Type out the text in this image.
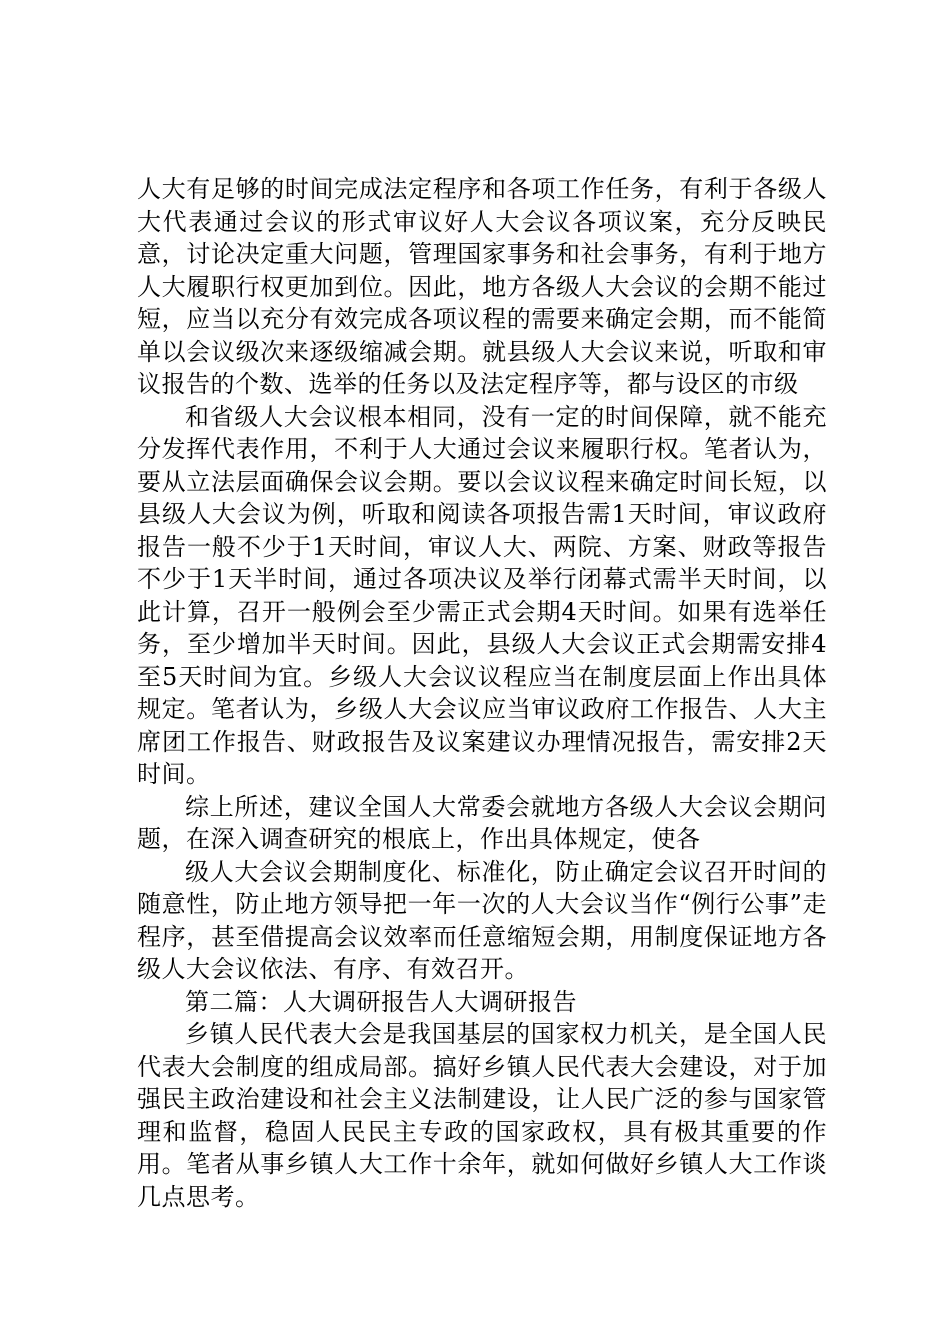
人大有足够的时间完成法定程序和各项工作任务，有利于各级人大代表通过会议的形式审议好人大会议各项议案，充分反映民意，讨论决定重大问题，管理国家事务和社会事务，有利于地方人大履职行权更加到位。因此，地方各级人大会议的会期不能过短，应当以充分有效完成各项议程的需要来确定会期，而不能简单以会议级次来逐级缩减会期。就县级人大会议来说，听取和审议报告的个数、选举的任务以及法定程序等，都与设区的市级

和省级人大会议根本相同，没有一定的时间保障，就不能充分发挥代表作用，不利于人大通过会议来履职行权。笔者认为，要从立法层面确保会议会期。要以会议议程来确定时间长短，以县级人大会议为例，听取和阅读各项报告需1天时间，审议政府报告一般不少于1天时间，审议人大、两院、方案、财政等报告不少于1天半时间，通过各项决议及举行闭幕式需半天时间，以此计算，召开一般例会至少需正式会期4天时间。如果有选举任务，至少增加半天时间。因此，县级人大会议正式会期需安排4至5天时间为宜。乡级人大会议议程应当在制度层面上作出具体规定。笔者认为，乡级人大会议应当审议政府工作报告、人大主席团工作报告、财政报告及议案建议办理情况报告，需安排2天时间。

综上所述，建议全国人大常委会就地方各级人大会议会期问题，在深入调查研究的根底上，作出具体规定，使各

级人大会议会期制度化、标准化，防止确定会议召开时间的随意性，防止地方领导把一年一次的人大会议当作“例行公事”走程序，甚至借提高会议效率而任意缩短会期，用制度保证地方各级人大会议依法、有序、有效召开。

第二篇：人大调研报告人大调研报告

乡镇人民代表大会是我国基层的国家权力机关，是全国人民代表大会制度的组成局部。搞好乡镇人民代表大会建设，对于加强民主政治建设和社会主义法制建设，让人民广泛的参与国家管理和监督，稳固人民民主专政的国家政权，具有极其重要的作用。笔者从事乡镇人大工作十余年，就如何做好乡镇人大工作谈几点思考。
